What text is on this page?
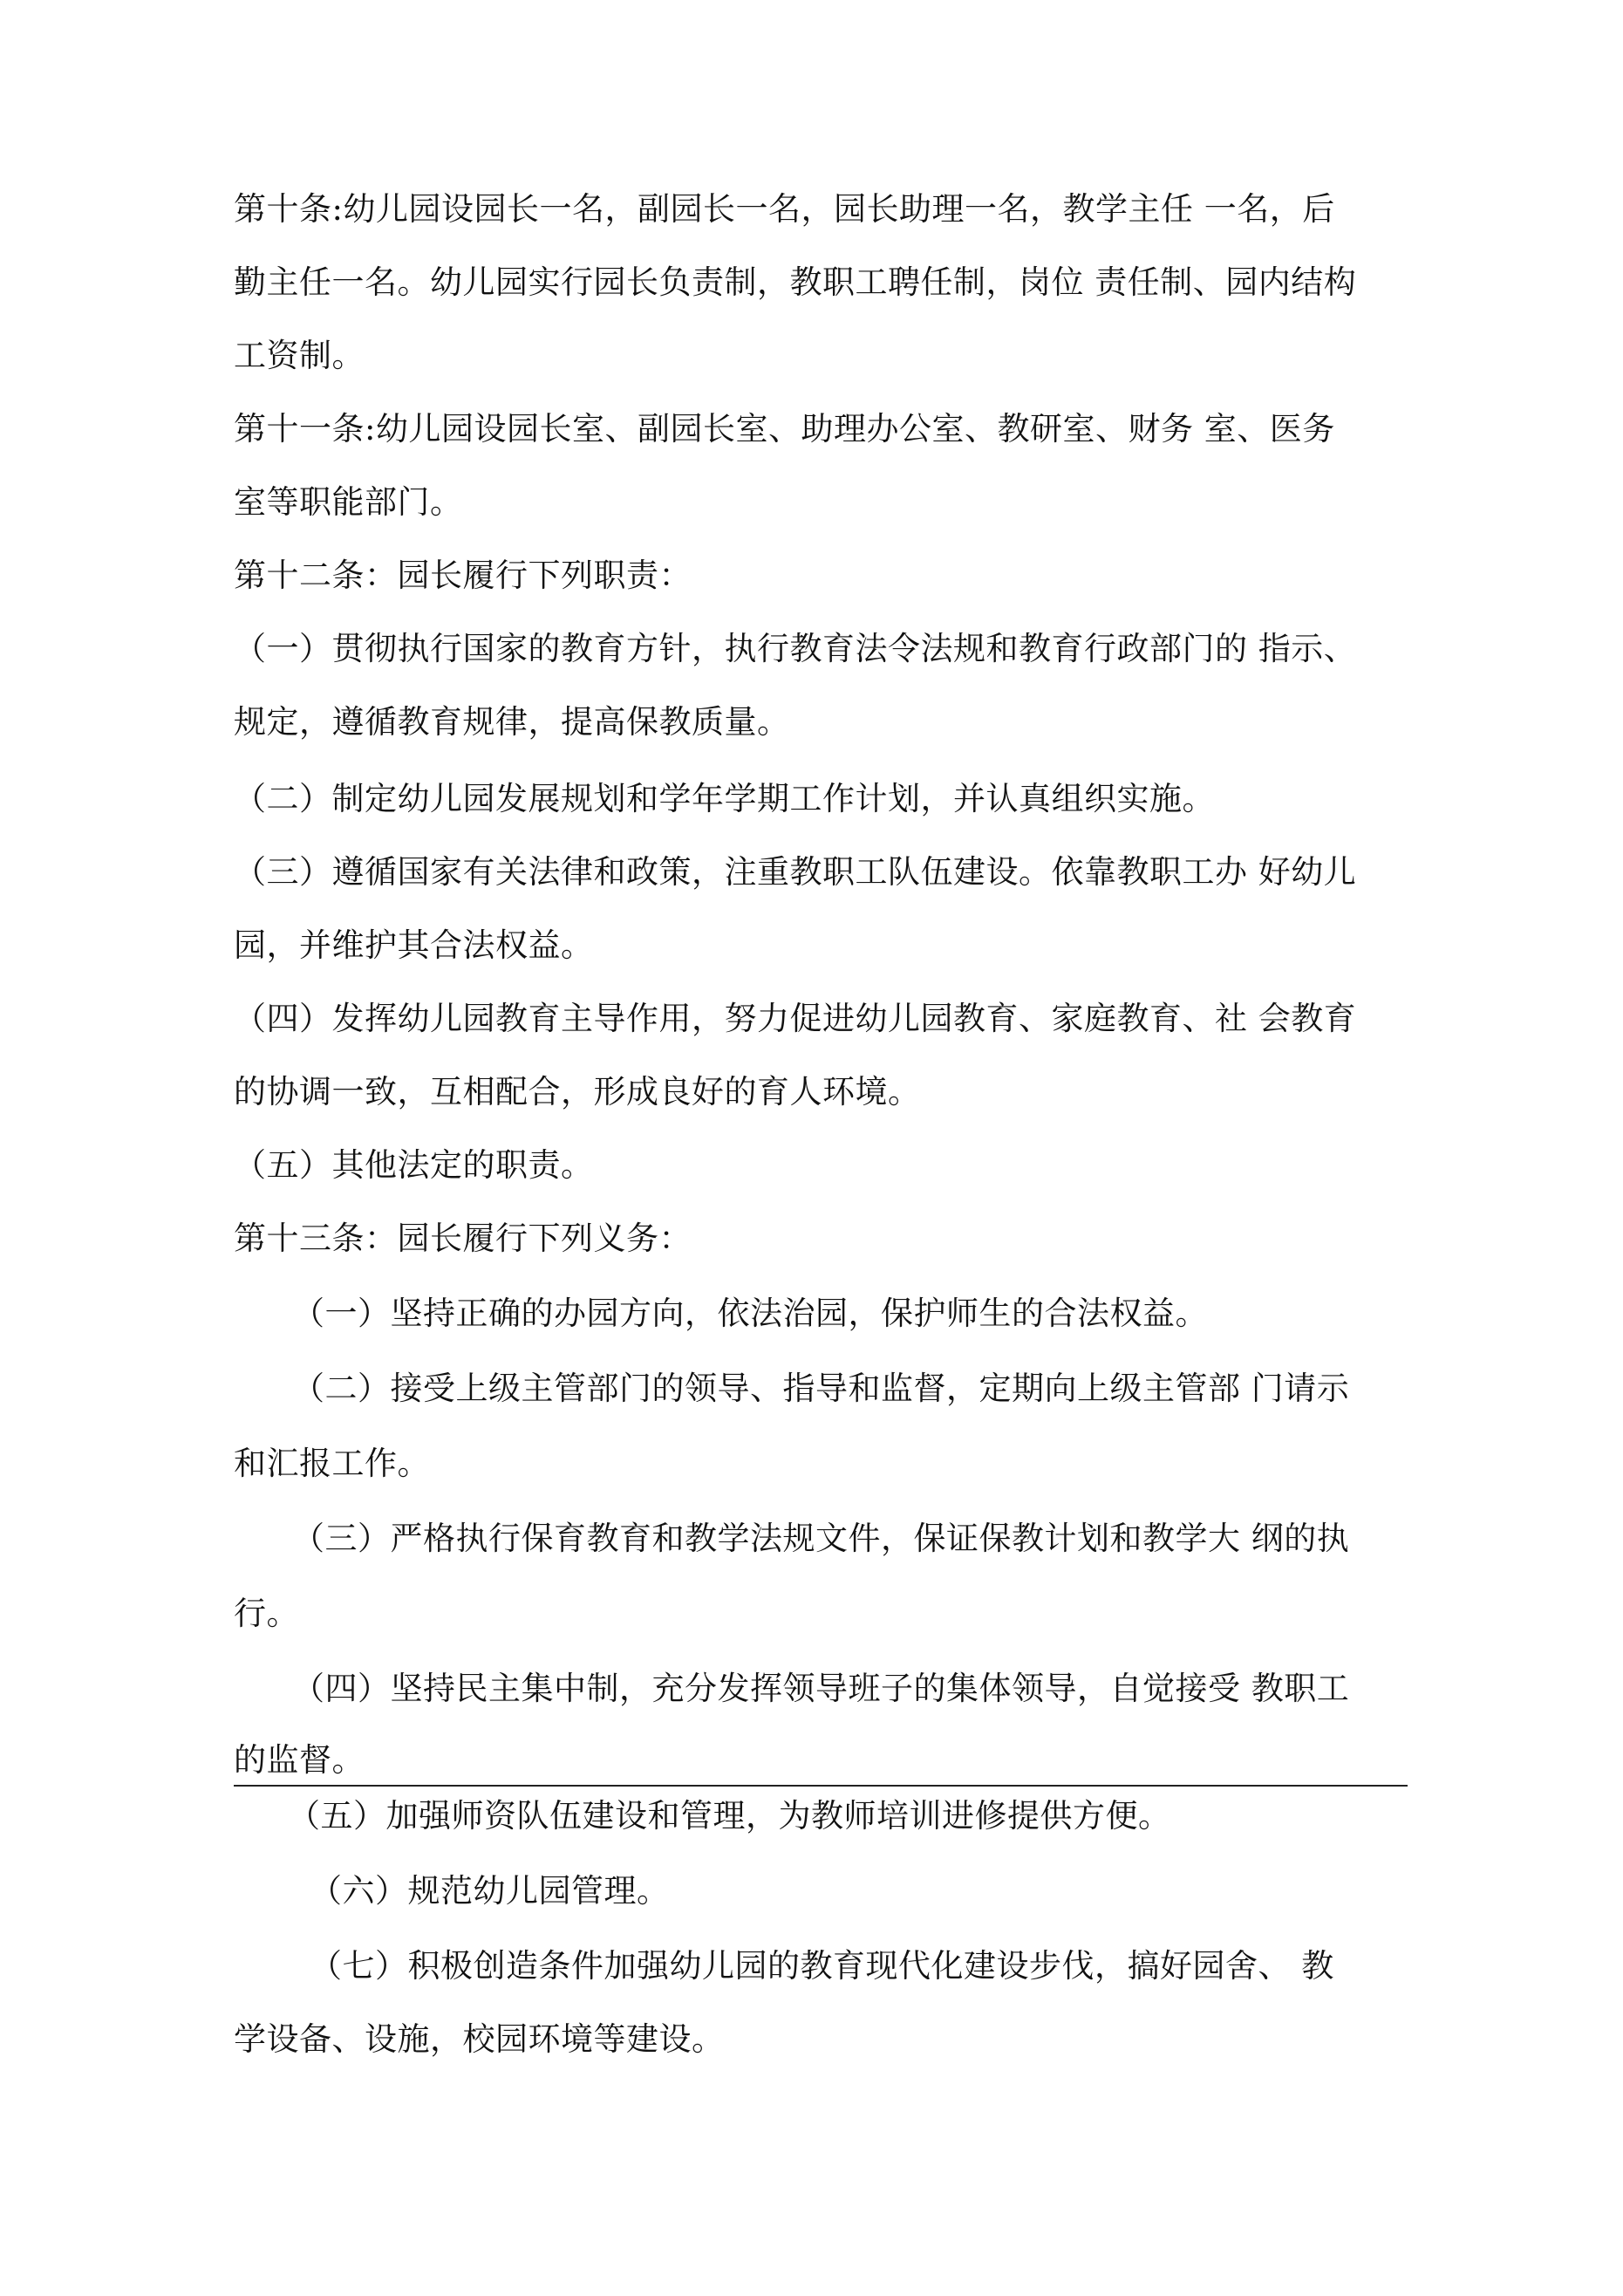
第十条:幼儿园设园长一名，副园长一名，园长助理一名，教学主任 一名，后
勤主任一名。幼儿园实行园长负责制，教职工聘任制，岗位 责任制、园内结构
工资制。
第十一条:幼儿园设园长室、副园长室、助理办公室、教研室、财务 室、医务
室等职能部门。
第十二条：园长履行下列职责：
（一）贯彻执行国家的教育方针，执行教育法令法规和教育行政部门的 指示、
规定，遵循教育规律，提高保教质量。
（二）制定幼儿园发展规划和学年学期工作计划，并认真组织实施。
（三）遵循国家有关法律和政策，注重教职工队伍建设。依靠教职工办 好幼儿
园，并维护其合法权益。
（四）发挥幼儿园教育主导作用，努力促进幼儿园教育、家庭教育、社 会教育
的协调一致，互相配合，形成良好的育人环境。
（五）其他法定的职责。
第十三条：园长履行下列义务：
（一）坚持正确的办园方向，依法治园，保护师生的合法权益。
（二）接受上级主管部门的领导、指导和监督，定期向上级主管部 门请示
和汇报工作。
（三）严格执行保育教育和教学法规文件，保证保教计划和教学大 纲的执
行。
（四）坚持民主集中制，充分发挥领导班子的集体领导，自觉接受 教职工
的监督。
（五）加强师资队伍建设和管理，为教师培训进修提供方便。
（六）规范幼儿园管理。
（七）积极创造条件加强幼儿园的教育现代化建设步伐，搞好园舍、 教
学设备、设施，校园环境等建设。
